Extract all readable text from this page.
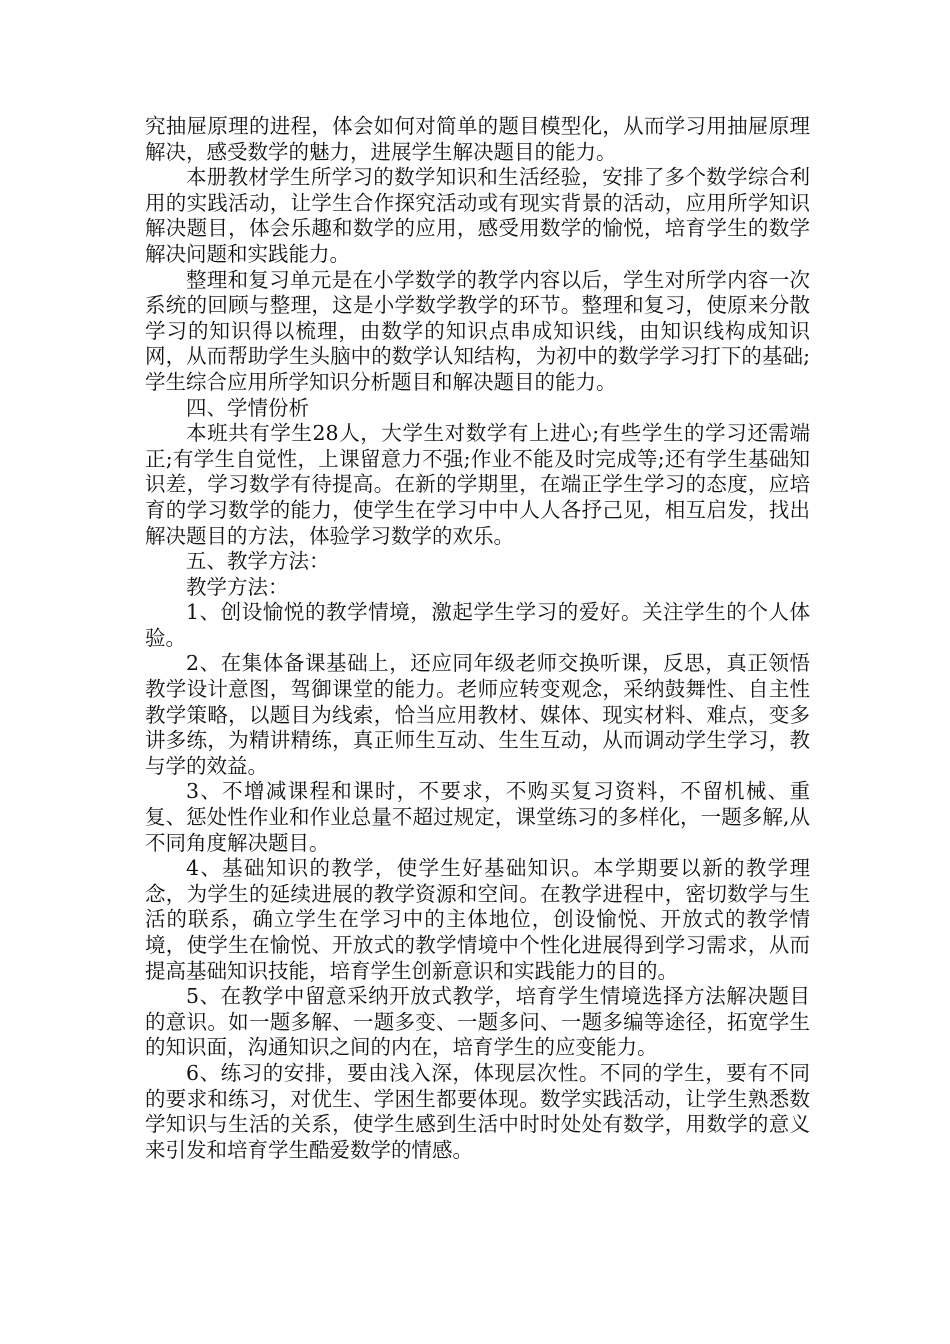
究抽屉原理的进程，体会如何对简单的题目模型化，从而学习用抽屉原理解决，感受数学的魅力，进展学生解决题目的能力。

本册教材学生所学习的数学知识和生活经验，安排了多个数学综合利用的实践活动，让学生合作探究活动或有现实背景的活动，应用所学知识解决题目，体会乐趣和数学的应用，感受用数学的愉悦，培育学生的数学解决问题和实践能力。

整理和复习单元是在小学数学的教学内容以后，学生对所学内容一次系统的回顾与整理，这是小学数学教学的环节。整理和复习，使原来分散学习的知识得以梳理，由数学的知识点串成知识线，由知识线构成知识网，从而帮助学生头脑中的数学认知结构，为初中的数学学习打下的基础;学生综合应用所学知识分析题目和解决题目的能力。

四、学情份析

本班共有学生28人，大学生对数学有上进心;有些学生的学习还需端正;有学生自觉性，上课留意力不强;作业不能及时完成等;还有学生基础知识差，学习数学有待提高。在新的学期里，在端正学生学习的态度，应培育的学习数学的能力，使学生在学习中中人人各抒己见，相互启发，找出解决题目的方法，体验学习数学的欢乐。

五、教学方法：

教学方法：

1、创设愉悦的教学情境，激起学生学习的爱好。关注学生的个人体验。

2、在集体备课基础上，还应同年级老师交换听课，反思，真正领悟教学设计意图，驾御课堂的能力。老师应转变观念，采纳鼓舞性、自主性教学策略，以题目为线索，恰当应用教材、媒体、现实材料、难点，变多讲多练，为精讲精练，真正师生互动、生生互动，从而调动学生学习，教与学的效益。

3、不增减课程和课时，不要求，不购买复习资料，不留机械、重复、惩处性作业和作业总量不超过规定，课堂练习的多样化，一题多解,从不同角度解决题目。

4、基础知识的教学，使学生好基础知识。本学期要以新的教学理念，为学生的延续进展的教学资源和空间。在教学进程中，密切数学与生活的联系，确立学生在学习中的主体地位，创设愉悦、开放式的教学情境，使学生在愉悦、开放式的教学情境中个性化进展得到学习需求，从而提高基础知识技能，培育学生创新意识和实践能力的目的。

5、在教学中留意采纳开放式教学，培育学生情境选择方法解决题目的意识。如一题多解、一题多变、一题多问、一题多编等途径，拓宽学生的知识面，沟通知识之间的内在，培育学生的应变能力。

6、练习的安排，要由浅入深，体现层次性。不同的学生，要有不同的要求和练习，对优生、学困生都要体现。数学实践活动，让学生熟悉数学知识与生活的关系，使学生感到生活中时时处处有数学，用数学的意义来引发和培育学生酷爱数学的情感。
